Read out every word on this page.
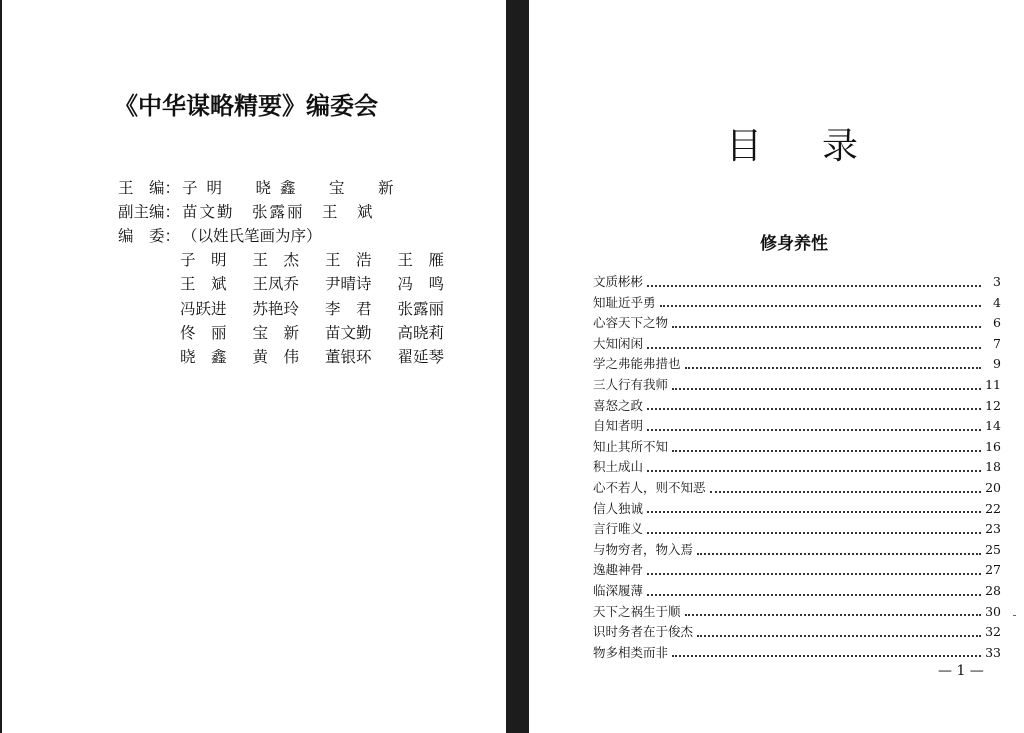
《中华谋略精要》编委会
王　编： 子明　晓鑫　宝　新
副主编： 苗文勤　张露丽　王　斌
编　委： （以姓氏笔画为序）
子　明 王　杰 王　浩 王　雁
王　斌 王凤乔 尹晴诗 冯　鸣
冯跃进 苏艳玲 李　君 张露丽
佟　丽 宝　新 苗文勤 高晓莉
晓　鑫 黄　伟 董银环 翟延琴
目录
修身养性
文质彬彬	3
知耻近乎勇	4
心容天下之物	6
大知闲闲	7
学之弗能弗措也	9
三人行有我师	11
喜怒之政	12
自知者明	14
知止其所不知	16
积土成山	18
心不若人，则不知恶	20
信人独诚	22
言行唯义	23
与物穷者，物入焉	25
逸趣神骨	27
临深履薄	28
天下之祸生于顺	30
识时务者在于俊杰	32
物多相类而非	33
— 1 —
